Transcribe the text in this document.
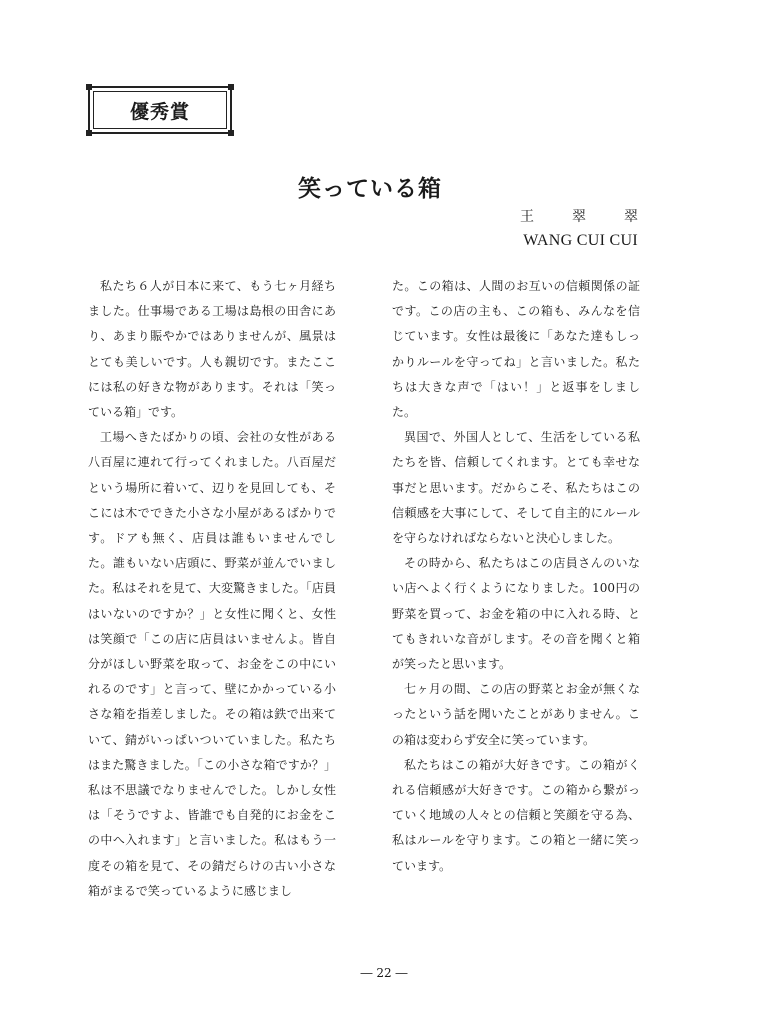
優秀賞
笑っている箱
王	翠	翠
WANG CUI CUI

私たち６人が日本に来て、もう七ヶ月経ちました。仕事場である工場は島根の田舎にあり、あまり賑やかではありませんが、風景はとても美しいです。人も親切です。またここには私の好きな物があります。それは「笑っている箱」です。

工場へきたばかりの頃、会社の女性がある八百屋に連れて行ってくれました。八百屋だという場所に着いて、辺りを見回しても、そこには木でできた小さな小屋があるばかりです。ドアも無く、店員は誰もいませんでした。誰もいない店頭に、野菜が並んでいました。私はそれを見て、大変驚きました。「店員はいないのですか？」と女性に聞くと、女性は笑顔で「この店に店員はいませんよ。皆自分がほしい野菜を取って、お金をこの中にいれるのです」と言って、壁にかかっている小さな箱を指差しました。その箱は鉄で出来ていて、錆がいっぱいついていました。私たちはまた驚きました。「この小さな箱ですか？」私は不思議でなりませんでした。しかし女性は「そうですよ、皆誰でも自発的にお金をこの中へ入れます」と言いました。私はもう一度その箱を見て、その錆だらけの古い小さな箱がまるで笑っているように感じまし

た。この箱は、人間のお互いの信頼関係の証です。この店の主も、この箱も、みんなを信じています。女性は最後に「あなた達もしっかりルールを守ってね」と言いました。私たちは大きな声で「はい！」と返事をしました。

異国で、外国人として、生活をしている私たちを皆、信頼してくれます。とても幸せな事だと思います。だからこそ、私たちはこの信頼感を大事にして、そして自主的にルールを守らなければならないと決心しました。

その時から、私たちはこの店員さんのいない店へよく行くようになりました。100円の野菜を買って、お金を箱の中に入れる時、とてもきれいな音がします。その音を聞くと箱が笑ったと思います。

七ヶ月の間、この店の野菜とお金が無くなったという話を聞いたことがありません。この箱は変わらず安全に笑っています。

私たちはこの箱が大好きです。この箱がくれる信頼感が大好きです。この箱から繋がっていく地域の人々との信頼と笑顔を守る為、私はルールを守ります。この箱と一緒に笑っています。

― 22 ―
